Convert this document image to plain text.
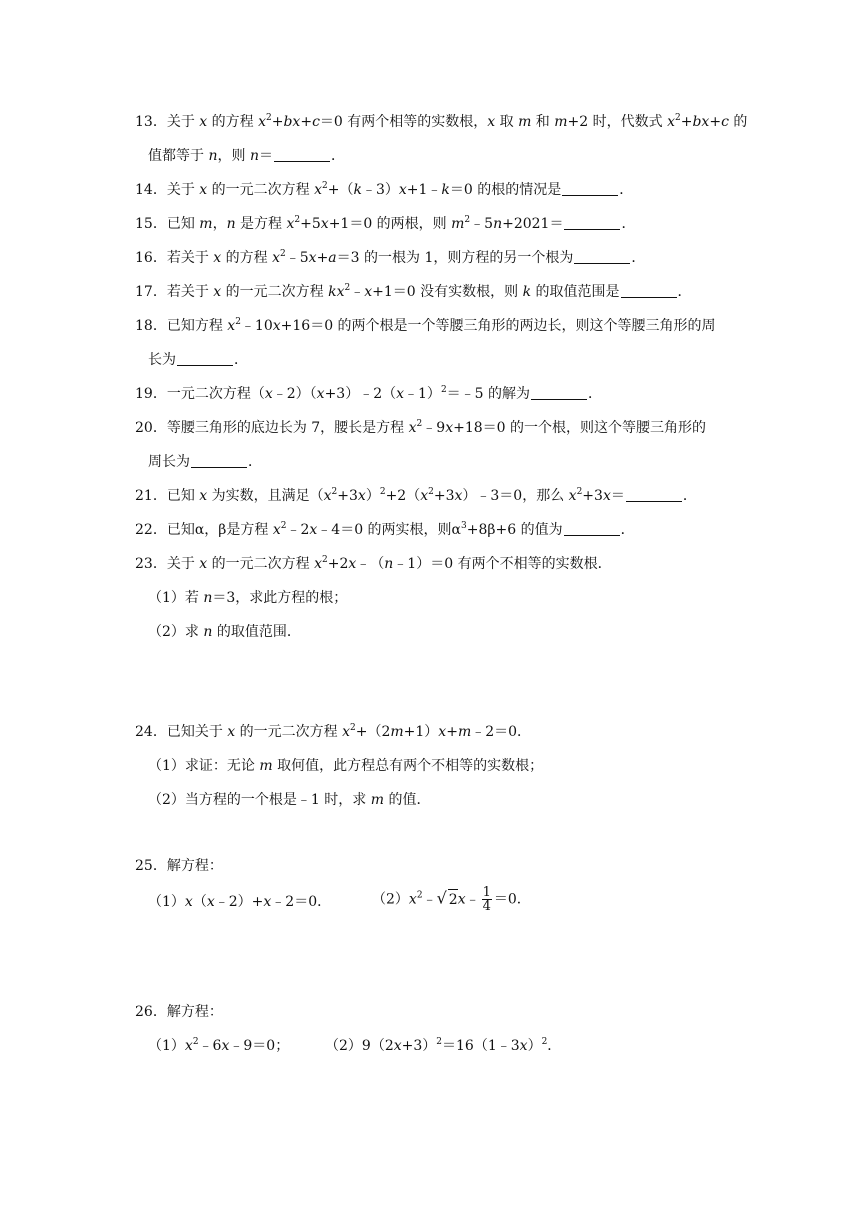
13．关于 x 的方程 $x^2+bx+c=0$ 有两个相等的实数根，x 取 m 和 m+2 时，代数式 $x^2+bx+c$ 的
值都等于 n，则 n＝	．
14．关于 x 的一元二次方程 $x^2+(k﹣3)x+1﹣k=0$ 的根的情况是	．
15．已知 m，n 是方程 $x^2+5x+1=0$ 的两根，则 $m^2﹣5n+2021=$	．
16．若关于 x 的方程 $x^2﹣5x+a=3$ 的一根为 1，则方程的另一个根为	．
17．若关于 x 的一元二次方程 $kx^2﹣x+1=0$ 没有实数根，则 k 的取值范围是	．
18．已知方程 $x^2﹣10x+16=0$ 的两个根是一个等腰三角形的两边长，则这个等腰三角形的周
长为	．
19．一元二次方程（x﹣2）（x+3）﹣2（x﹣1）$^2$＝﹣5 的解为	．
20．等腰三角形的底边长为 7，腰长是方程 $x^2﹣9x+18=0$ 的一个根，则这个等腰三角形的
周长为	．
21．已知 x 为实数，且满足$(x^2+3x)^2+2(x^2+3x)﹣3=0$，那么 $x^2+3x=$	．
22．已知α，β是方程 $x^2﹣2x﹣4=0$ 的两实根，则$\alpha^3+8\beta+6$ 的值为	．
23．关于 x 的一元二次方程 $x^2+2x﹣(n﹣1)=0$ 有两个不相等的实数根．
（1）若 n＝3，求此方程的根；
（2）求 n 的取值范围．
24．已知关于 x 的一元二次方程 $x^2+(2m+1)x+m﹣2=0$．
（1）求证：无论 m 取何值，此方程总有两个不相等的实数根；
（2）当方程的一个根是﹣1 时，求 m 的值．
25．解方程：
（1）x（x﹣2）+x﹣2＝0．	$(2)x^2﹣√$ 2x﹣ $\frac{1}{4} =0$．
26．解方程：
$(1)x^2﹣6x﹣9=0$；	$(2)9(2x+3)^2=16(1﹣3x)^2$．
